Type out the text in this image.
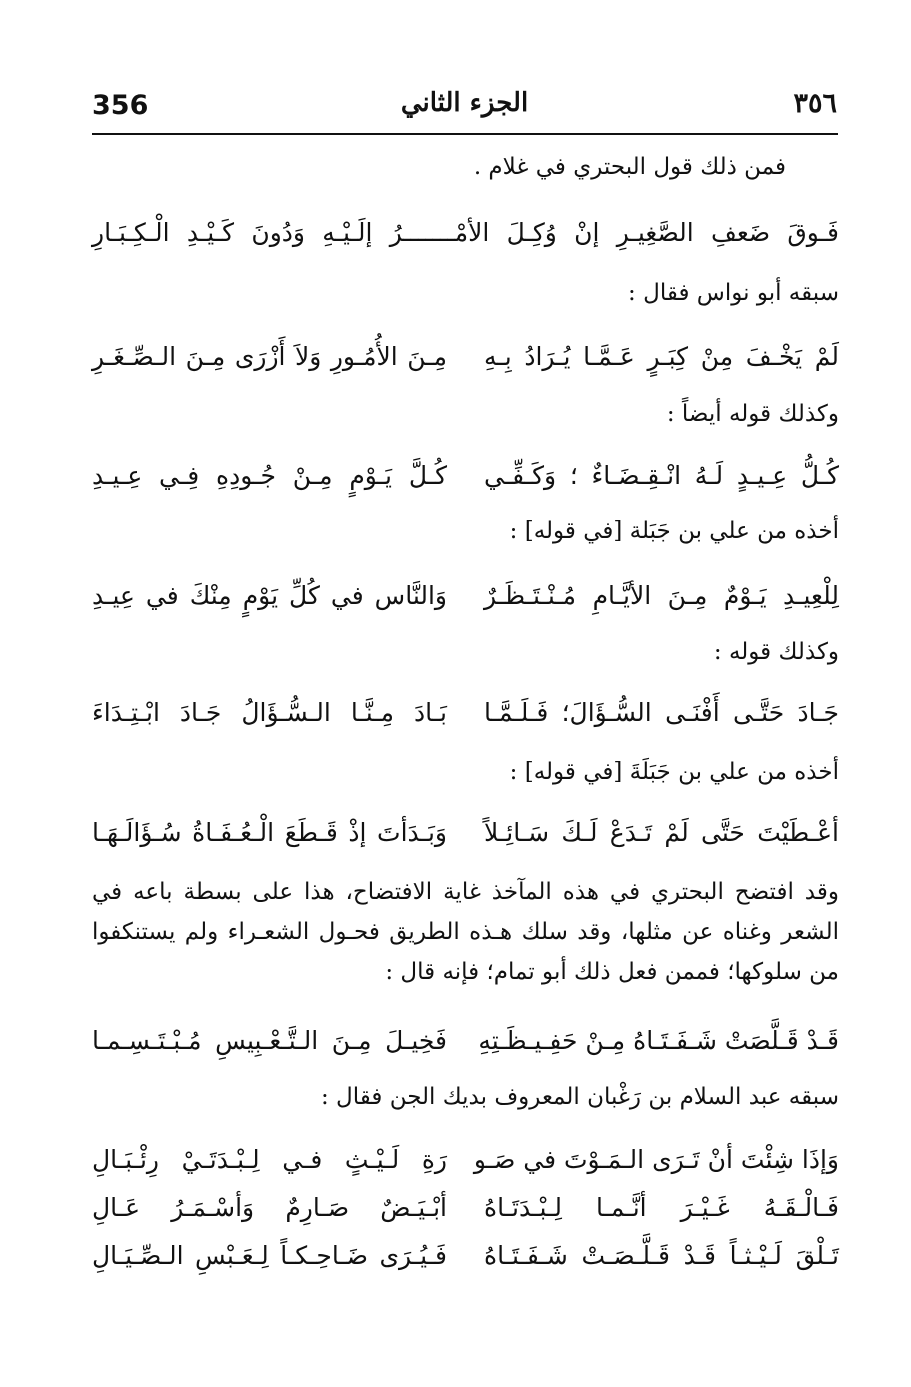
356	الجزء الثاني	٣٥٦
فمن ذلك قول البحتري في غلام .
فَـوقَ ضَعفِ الصَّغِيـرِ إنْ وُكِـلَ الأمْـــــــرُ إلَـيْـهِ وَدُونَ كَـيْـدِ الْـكِـبَـارِ
سبقه أبو نواس فقال :
لَمْ يَخْـفَ مِنْ كِبَـرٍ عَـمَّـا يُـرَادُ بِـهِ
مِـنَ الأُمُـورِ وَلاَ أَزْرَى مِـنَ الـصِّـغَـرِ
وكذلك قوله أيضاً :
كُـلُّ عِـيـدٍ لَـهُ انْـقِـضَـاءٌ ؛ وَكَـفِّـي
كُـلَّ يَـوْمٍ مِـنْ جُـودِهِ فِـي عِـيـدِ
أخذه من علي بن جَبَلة [في قوله] :
لِلْعِيـدِ يَـوْمٌ مِـنَ الأيَّـامِ مُـنْـتَـظَـرٌ
وَالنَّاس في كُلِّ يَوْمٍ مِنْكَ في عِيـدِ
وكذلك قوله :
جَـادَ حَتَّـى أَفْنَـى السُّـؤَالَ؛ فَـلَـمَّـا
بَـادَ مِـنَّـا الـسُّـؤَالُ جَـادَ ابْـتِـدَاءَ
أخذه من علي بن جَبَلَةَ [في قوله] :
أعْـطَيْتَ حَتَّى لَمْ تَـدَعْ لَـكَ سَـائِـلاً
وَبَـدَأتَ إذْ قَـطَعَ الْـعُـفَـاةُ سُـؤَالَـهَـا
وقد افتضح البحتري في هذه المآخذ غاية الافتضاح، هذا على بسطة باعه في الشعر وغناه عن مثلها، وقد سلك هـذه الطريق فحـول الشعـراء ولم يستنكفوا من سلوكها؛ فممن فعل ذلك أبو تمام؛ فإنه قال :
قَـدْ قَـلَّصَتْ شَـفَـتَـاهُ مِـنْ حَفِـيـظَـتِهِ
فَخِيـلَ مِـنَ الـتَّـعْـبِيسِ مُـبْـتَـسِـمـا
سبقه عبد السلام بن رَغْبان المعروف بديك الجن فقال :
وَإذَا شِئْتَ أنْ تَـرَى الـمَـوْتَ في صَـو
رَةِ لَـيْـثٍ فـي لِـبْـدَتَـيْ رِئْـبَـالِ
فَـالْـقَـهُ غَـيْـرَ أنَّـمـا لِـبْـدَتَـاهُ
أبْـيَـضٌ صَـارِمٌ وَأسْـمَـرُ عَـالِ
تَـلْقَ لَـيْـثـاً قَـدْ قَـلَّـصَـتْ شَـفَـتَـاهُ
فَـيُـرَى ضَـاحِـكـاً لِـعَـبْسِ الـصِّـيَـالِ
